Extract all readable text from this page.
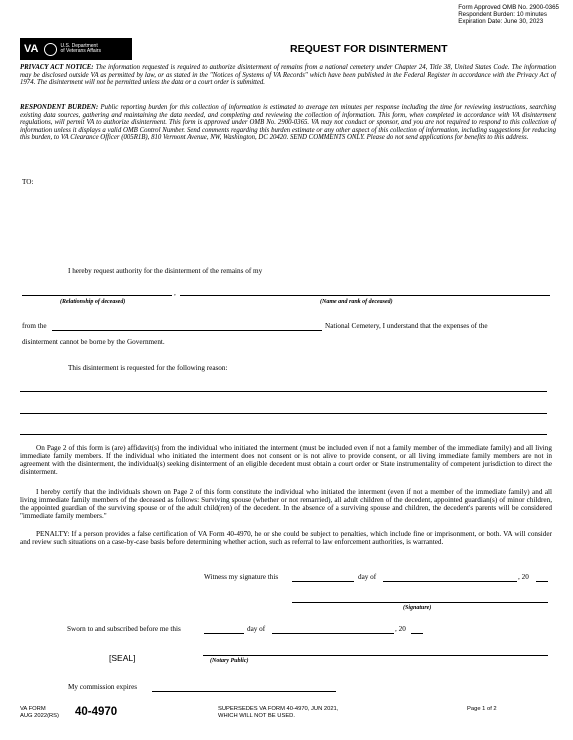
Form Approved OMB No. 2900-0365
Respondent Burden: 10 minutes
Expiration Date: June 30, 2023
VA	U.S. Department
of Veterans Affairs	REQUEST FOR DISINTERMENT
PRIVACY ACT NOTICE: The information requested is required to authorize disinterment of remains from a national cemetery under Chapter 24, Title 38, United States Code. The information may be disclosed outside VA as permitted by law, or as stated in the "Notices of Systems of VA Records" which have been published in the Federal Register in accordance with the Privacy Act of 1974. The disinterment will not be permitted unless the data or a court order is submitted.
RESPONDENT BURDEN: Public reporting burden for this collection of information is estimated to average ten minutes per response including the time for reviewing instructions, searching existing data sources, gathering and maintaining the data needed, and completing and reviewing the collection of information. This form, when completed in accordance with VA disinterment regulations, will permit VA to authorize disinterment. This form is approved under OMB No. 2900-0365. VA may not conduct or sponsor, and you are not required to respond to this collection of information unless it displays a valid OMB Control Number. Send comments regarding this burden estimate or any other aspect of this collection of information, including suggestions for reducing this burden, to VA Clearance Officer (005R1B), 810 Vermont Avenue, NW, Washington, DC 20420. SEND COMMENTS ONLY. Please do not send applications for benefits to this address.
TO:
I hereby request authority for the disinterment of the remains of my
,
(Relationship of deceased)	(Name and rank of deceased)
from the	National Cemetery, I understand that the expenses of the
disinterment cannot be borne by the Government.
This disinterment is requested for the following reason:
On Page 2 of this form is (are) affidavit(s) from the individual who initiated the interment (must be included even if not a family member of the immediate family) and all living immediate family members. If the individual who initiated the interment does not consent or is not alive to provide consent, or all living immediate family members are not in agreement with the disinterment, the individual(s) seeking disinterment of an eligible decedent must obtain a court order or State instrumentality of competent jurisdiction to direct the disinterment.
I hereby certify that the individuals shown on Page 2 of this form constitute the individual who initiated the interment (even if not a member of the immediate family) and all living immediate family members of the deceased as follows: Surviving spouse (whether or not remarried), all adult children of the decedent, appointed guardian(s) of minor children, the appointed guardian of the surviving spouse or of the adult child(ren) of the decedent. In the absence of a surviving spouse and children, the decedent's parents will be considered "immediate family members."
PENALTY: If a person provides a false certification of VA Form 40-4970, he or she could be subject to penalties, which include fine or imprisonment, or both. VA will consider and review such situations on a case-by-case basis before determining whether action, such as referral to law enforcement authorities, is warranted.
Witness my signature this	day of	, 20
(Signature)
Sworn to and subscribed before me this	day of	, 20
[SEAL]	(Notary Public)
My commission expires
VA FORM
AUG 2022(RS) 40-4970	SUPERSEDES VA FORM 40-4970, JUN 2021,
WHICH WILL NOT BE USED.
Page 1 of 2
